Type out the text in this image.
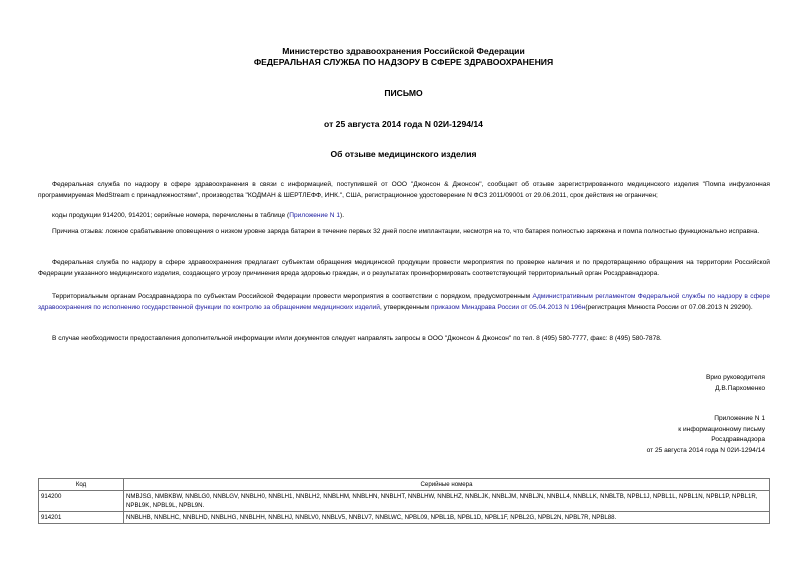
Министерство здравоохранения Российской Федерации
ФЕДЕРАЛЬНАЯ СЛУЖБА ПО НАДЗОРУ В СФЕРЕ ЗДРАВООХРАНЕНИЯ
ПИСЬМО
от 25 августа 2014 года N 02И-1294/14
Об отзыве медицинского изделия
Федеральная служба по надзору в сфере здравоохранения в связи с информацией, поступившей от ООО "Джонсон & Джонсон", сообщает об отзыве зарегистрированного медицинского изделия "Помпа инфузионная программируемая MedStream с принадлежностями", производства "КОДМАН & ШЕРТЛЕФФ, ИНК.", США, регистрационное удостоверение N ФСЗ 2011/09001 от 29.06.2011, срок действия не ограничен;
коды продукции 914200, 914201; серийные номера, перечислены в таблице (Приложение N 1).
Причина отзыва: ложное срабатывание оповещения о низком уровне заряда батареи в течение первых 32 дней после имплантации, несмотря на то, что батарея полностью заряжена и помпа полностью функционально исправна.
Федеральная служба по надзору в сфере здравоохранения предлагает субъектам обращения медицинской продукции провести мероприятия по проверке наличия и по предотвращению обращения на территории Российской Федерации указанного медицинского изделия, создающего угрозу причинения вреда здоровью граждан, и о результатах проинформировать соответствующий территориальный орган Росздравнадзора.
Территориальным органам Росздравнадзора по субъектам Российской Федерации провести мероприятия в соответствии с порядком, предусмотренным Административным регламентом Федеральной службы по надзору в сфере здравоохранения по исполнению государственной функции по контролю за обращением медицинских изделий, утвержденным приказом Минздрава России от 05.04.2013 N 196н(регистрация Минюста России от 07.08.2013 N 29290).
В случае необходимости предоставления дополнительной информации и/или документов следует направлять запросы в ООО "Джонсон & Джонсон" по тел. 8 (495) 580-7777, факс: 8 (495) 580-7878.
Врио руководителя
Д.В.Пархоменко
Приложение N 1
к информационному письму
Росздравнадзора
от 25 августа 2014 года N 02И-1294/14
Код	Серийные номера
914200	NMBJSG, NMBKBW, NNBLG0, NNBLGV, NNBLH0, NNBLH1, NNBLH2, NNBLHM, NNBLHN, NNBLHT, NNBLHW, NNBLHZ, NNBLJK, NNBLJM, NNBLJN, NNBLL4, NNBLLK, NNBLTB, NPBL1J, NPBL1L, NPBL1N, NPBL1P, NPBL1R, NPBL9K, NPBL9L, NPBL9N.
914201	NNBLHB, NNBLHC, NNBLHD, NNBLHG, NNBLHH, NNBLHJ, NNBLV0, NNBLV5, NNBLV7, NNBLWC, NPBL09, NPBL1B, NPBL1D, NPBL1F, NPBL2G, NPBL2N, NPBL7R, NPBL88.
